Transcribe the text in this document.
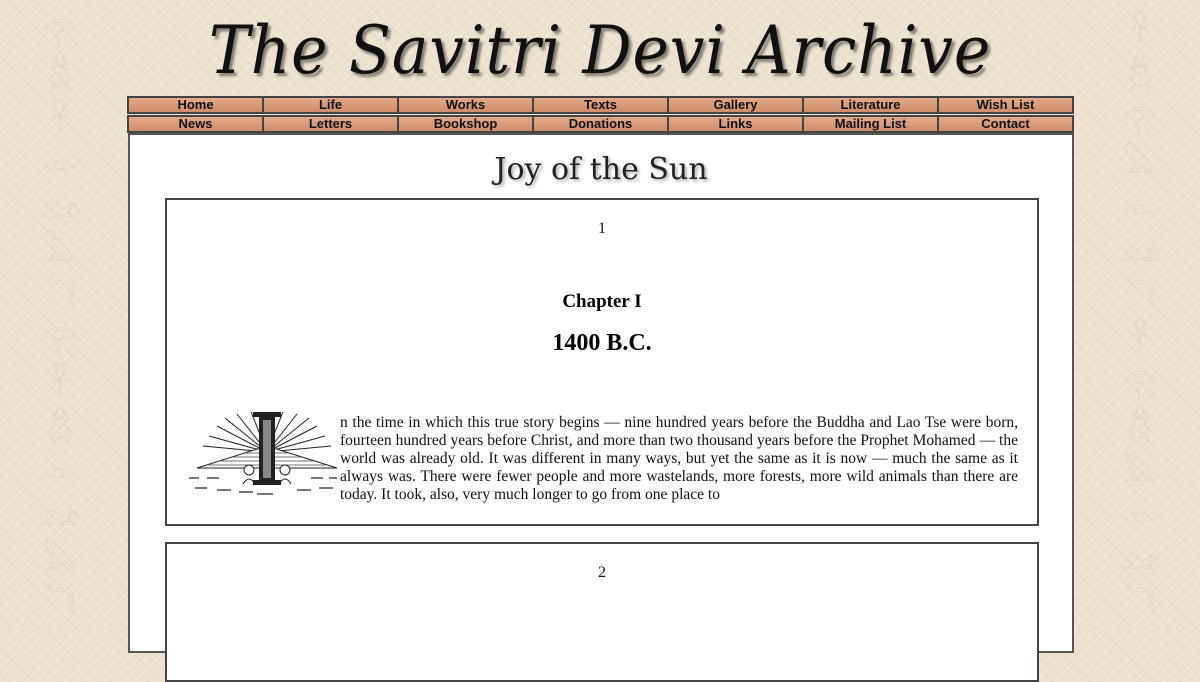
𓂀
𓆣
𓋹
𓁹
𓃭
𓅓
𓆓
𓂀
𓋹
𓆣
𓁹
𓃭
𓅓
𓆓
𓋹
𓆣
𓂀
𓅓
𓁹
𓃭
𓆓
𓋹
𓂀
𓆣
𓅓
𓁹
𓃭
𓆓
The Savitri Devi Archive
Home	Life	Works	Texts	Gallery	Literature	Wish List
News	Letters	Bookshop	Donations	Links	Mailing List	Contact
Joy of the Sun
1
Chapter I
1400 B.C.

n the time in which this true story begins — nine hundred years before the Buddha and Lao Tse were born, fourteen hundred years before Christ, and more than two thousand years before the Prophet Mohamed — the world was already old. It was different in many ways, but yet the same as it is now — much the same as it always was. There were fewer people and more wastelands, more forests, more wild animals than there are today. It took, also, very much longer to go from one place to

2
